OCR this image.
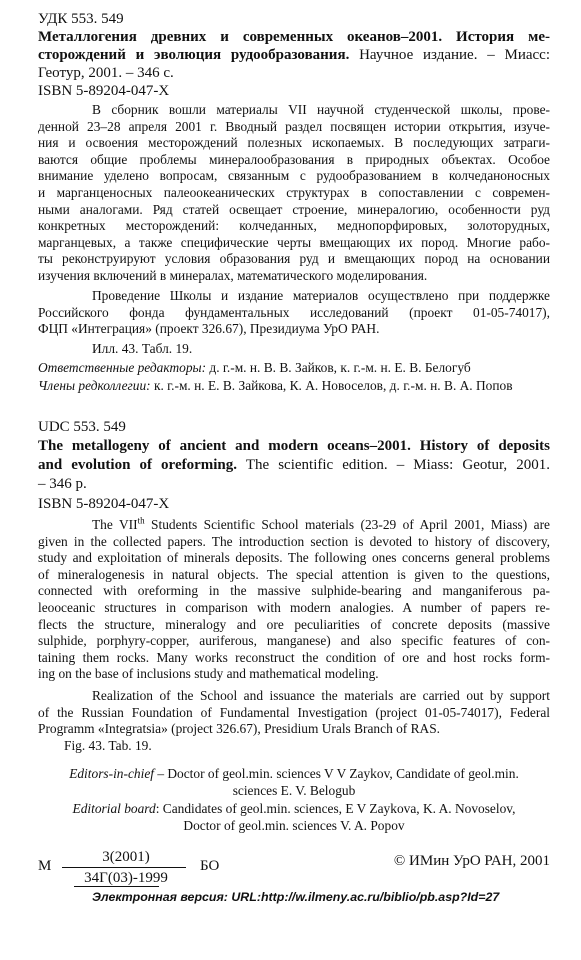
УДК 553. 549
Металлогения древних и современных океанов–2001. История ме-
сторождений и эволюция рудообразования. Научное издание. – Миасс:
Геотур, 2001. – 346 с.
ISBN 5-89204-047-X
В сборник вошли материалы VII научной студенческой школы, прове-
денной 23–28 апреля 2001 г. Вводный раздел посвящен истории открытия, изуче-
ния и освоения месторождений полезных ископаемых. В последующих затраги-
ваются общие проблемы минералообразования в природных объектах. Особое
внимание уделено вопросам, связанным с рудообразованием в колчеданоносных
и марганценосных палеоокеанических структурах в сопоставлении с современ-
ными аналогами. Ряд статей освещает строение, минералогию, особенности руд
конкретных месторождений: колчеданных, меднопорфировых, золоторудных,
марганцевых, а также специфические черты вмещающих их пород. Многие рабо-
ты реконструируют условия образования руд и вмещающих пород на основании
изучения включений в минералах, математического моделирования.
Проведение Школы и издание материалов осуществлено при поддержке
Российского фонда фундаментальных исследований (проект 01-05-74017),
ФЦП «Интеграция» (проект 326.67), Президиума УрО РАН.
Илл. 43. Табл. 19.
Ответственные редакторы: д. г.-м. н. В. В. Зайков, к. г.-м. н. Е. В. Белогуб
Члены редколлегии: к. г.-м. н. Е. В. Зайкова, К. А. Новоселов, д. г.-м. н. В. А. Попов
UDC 553. 549
The metallogeny of ancient and modern oceans–2001. History of deposits
and evolution of oreforming. The scientific edition. – Miass: Geotur, 2001.
– 346 p.
ISBN 5-89204-047-X
The VIIth Students Scientific School materials (23-29 of April 2001, Miass) are
given in the collected papers. The introduction section is devoted to history of discovery,
study and exploitation of minerals deposits. The following ones concerns general problems
of mineralogenesis in natural objects. The special attention is given to the questions,
connected with oreforming in the massive sulphide-bearing and manganiferous pa-
leooceanic structures in comparison with modern analogies. A number of papers re-
flects the structure, mineralogy and ore peculiarities of concrete deposits (massive
sulphide, porphyry-copper, auriferous, manganese) and also specific features of con-
taining them rocks. Many works reconstruct the condition of ore and host rocks form-
ing on the base of inclusions study and mathematical modeling.
Realization of the School and issuance the materials are carried out by support
of the Russian Foundation of Fundamental Investigation (project 01-05-74017), Federal
Programm «Integratsia» (project 326.67), Presidium Urals Branch of RAS.
Fig. 43. Tab. 19.
Editors-in-chief – Doctor of geol.min. sciences V V Zaykov, Candidate of geol.min.
sciences E. V. Belogub
Editorial board: Candidates of geol.min. sciences, E V Zaykova, K. A. Novoselov,
Doctor of geol.min. sciences V. A. Popov
М
3(2001)
34Г(03)-1999
БО	© ИМин УрО РАН, 2001
Электронная версия: URL:http://w.ilmeny.ac.ru/biblio/pb.asp?Id=27
